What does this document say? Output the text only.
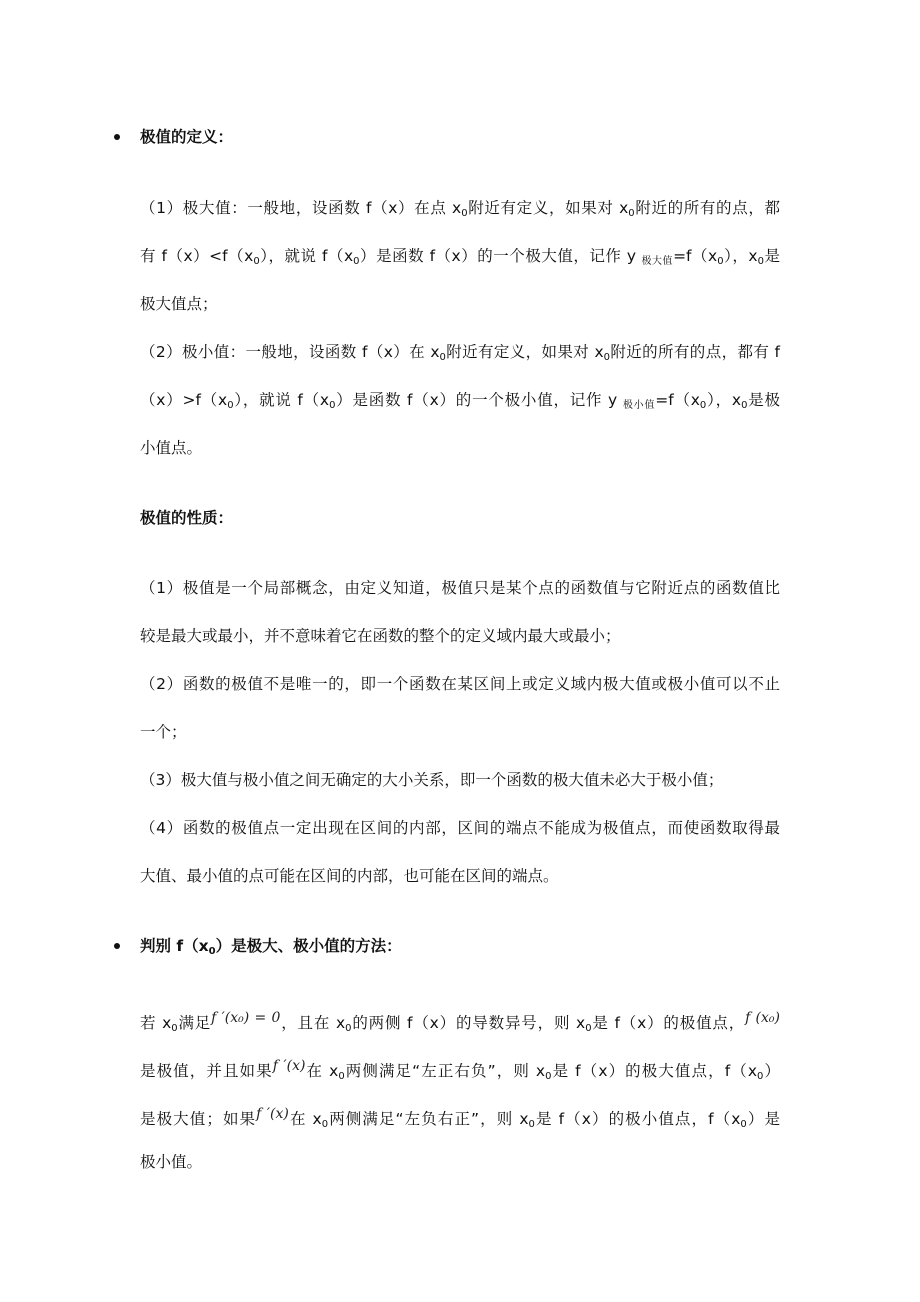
极值的定义：
（1）极大值：一般地，设函数 f（x）在点 $x_0$附近有定义，如果对 $x_0$附近的所有的点，都
有 $f(x)<f(x_0)$，就说 $f(x_0)$是函数 f（x）的一个极大值，记作 y 极大值$=f(x_0)$，$x_0$是
极大值点；
（2）极小值：一般地，设函数 f（x）在 $x_0$附近有定义，如果对 $x_0$附近的所有的点，都有 f
$(x)>f(x_0)$，就说 $f(x_0)$是函数 f（x）的一个极小值，记作 y 极小值$=f(x_0)$，$x_0$是极
小值点。
极值的性质：
（1）极值是一个局部概念，由定义知道，极值只是某个点的函数值与它附近点的函数值比
较是最大或最小，并不意味着它在函数的整个的定义域内最大或最小；
（2）函数的极值不是唯一的，即一个函数在某区间上或定义域内极大值或极小值可以不止
一个；
（3）极大值与极小值之间无确定的大小关系，即一个函数的极大值未必大于极小值；
（4）函数的极值点一定出现在区间的内部，区间的端点不能成为极值点，而使函数取得最
大值、最小值的点可能在区间的内部，也可能在区间的端点。
判别 $f(x_0)$是极大、极小值的方法：
若 $x_0$满足f ′(x₀) = 0，且在 $x_0$的两侧 f（x）的导数异号，则 $x_0$是 f（x）的极值点，f (x₀)
是极值，并且如果f ′(x)在 $x_0$两侧满足“左正右负”，则 $x_0$是 f（x）的极大值点，$f(x_0)$
是极大值；如果f ′(x)在 $x_0$两侧满足“左负右正”，则 $x_0$是 f（x）的极小值点，$f(x_0)$是
极小值。
